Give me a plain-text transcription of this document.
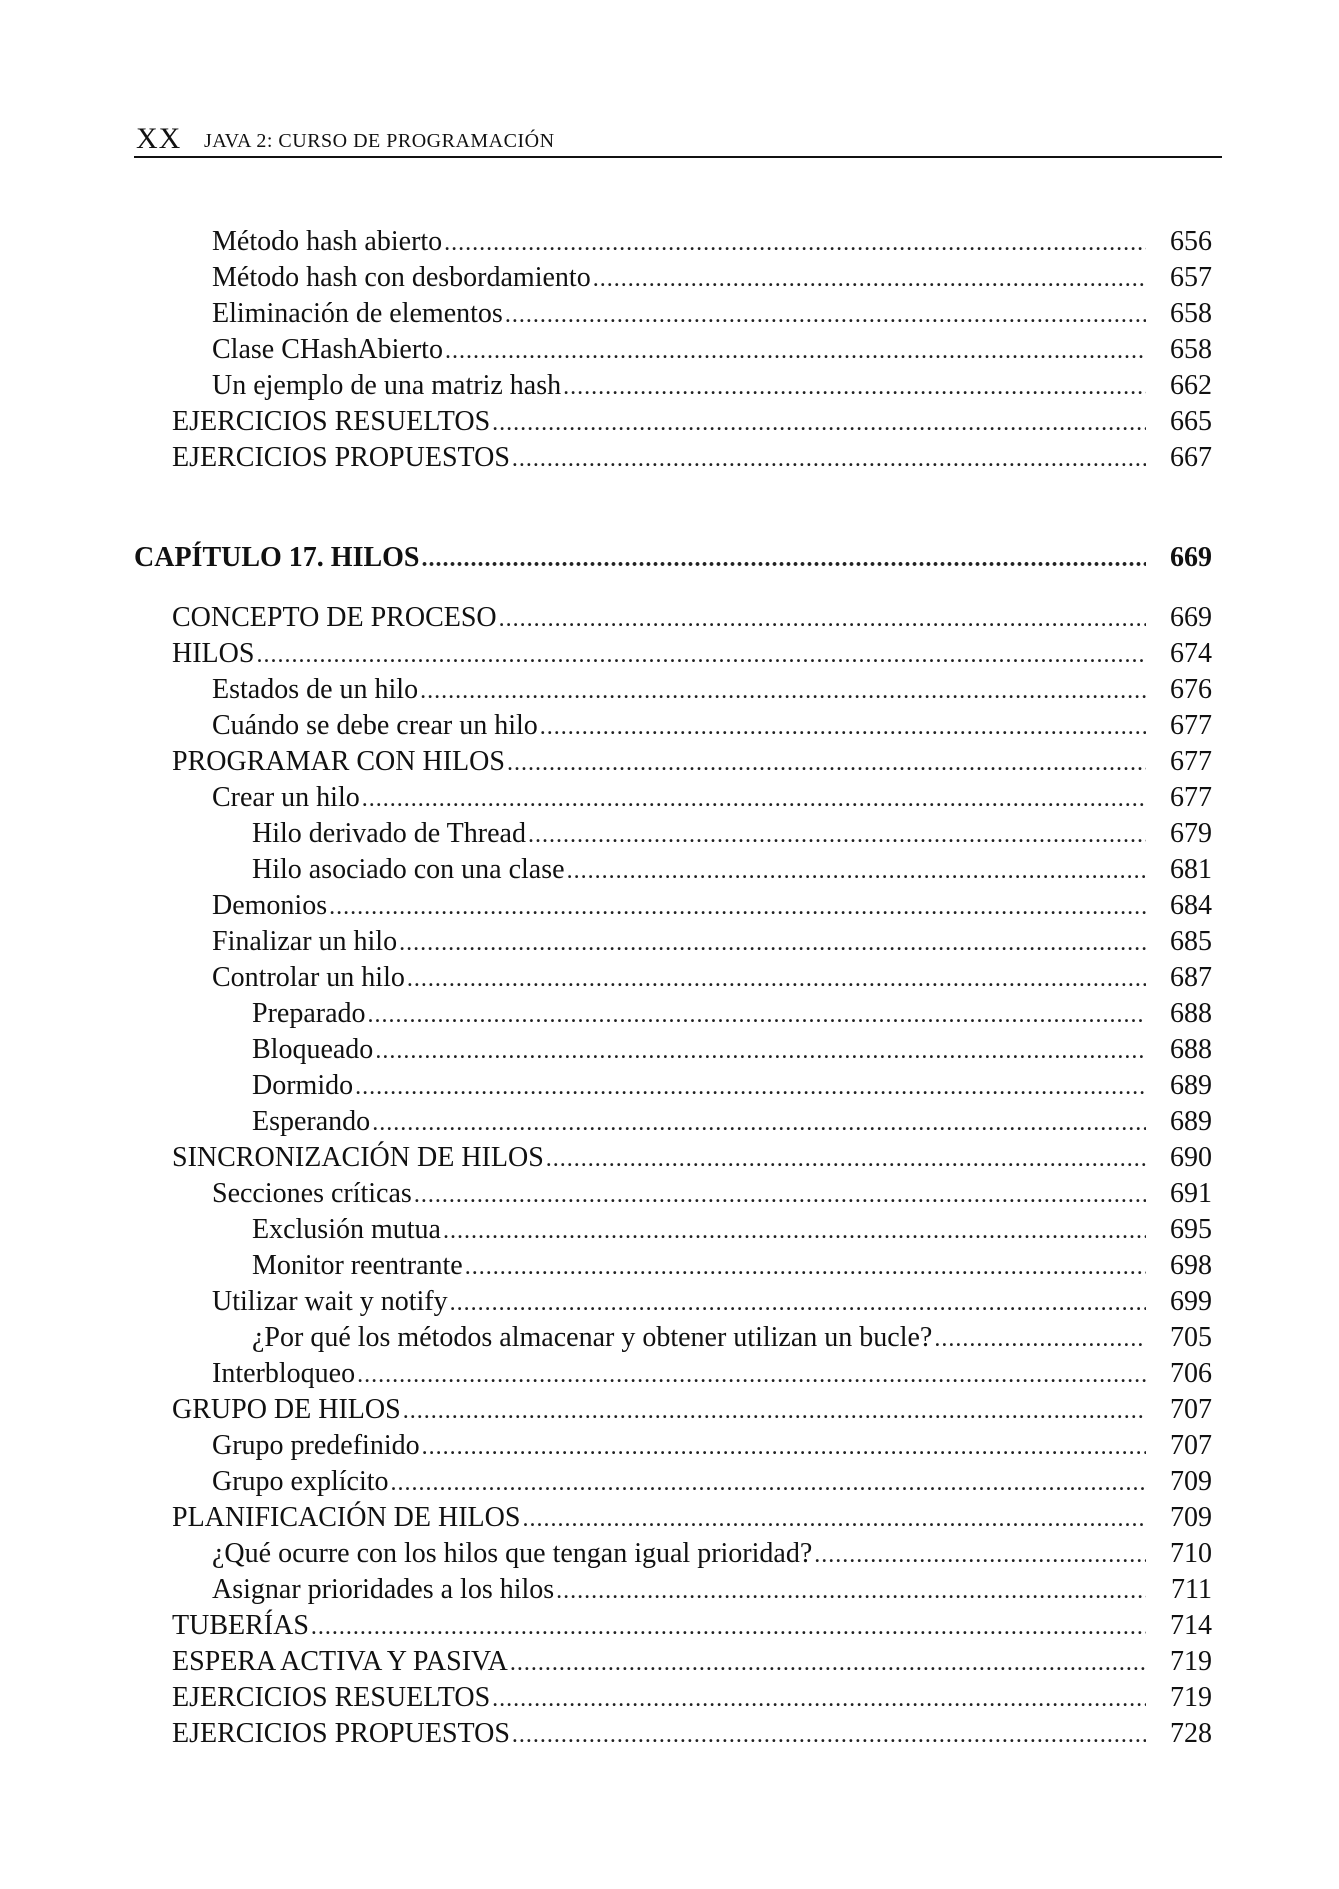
XX JAVA 2: CURSO DE PROGRAMACIÓN
Método hash abierto .....	656
Método hash con desbordamiento .....	657
Eliminación de elementos .....	658
Clase CHashAbierto .....	658
Un ejemplo de una matriz hash .....	662
EJERCICIOS RESUELTOS .....	665
EJERCICIOS PROPUESTOS .....	667
CAPÍTULO 17. HILOS .....	669
CONCEPTO DE PROCESO .....	669
HILOS .....	674
Estados de un hilo .....	676
Cuándo se debe crear un hilo .....	677
PROGRAMAR CON HILOS .....	677
Crear un hilo .....	677
Hilo derivado de Thread .....	679
Hilo asociado con una clase .....	681
Demonios .....	684
Finalizar un hilo .....	685
Controlar un hilo .....	687
Preparado .....	688
Bloqueado .....	688
Dormido .....	689
Esperando .....	689
SINCRONIZACIÓN DE HILOS .....	690
Secciones críticas .....	691
Exclusión mutua .....	695
Monitor reentrante .....	698
Utilizar wait y notify .....	699
¿Por qué los métodos almacenar y obtener utilizan un bucle? .....	705
Interbloqueo .....	706
GRUPO DE HILOS .....	707
Grupo predefinido .....	707
Grupo explícito .....	709
PLANIFICACIÓN DE HILOS .....	709
¿Qué ocurre con los hilos que tengan igual prioridad? .....	710
Asignar prioridades a los hilos .....	711
TUBERÍAS .....	714
ESPERA ACTIVA Y PASIVA .....	719
EJERCICIOS RESUELTOS .....	719
EJERCICIOS PROPUESTOS .....	728
